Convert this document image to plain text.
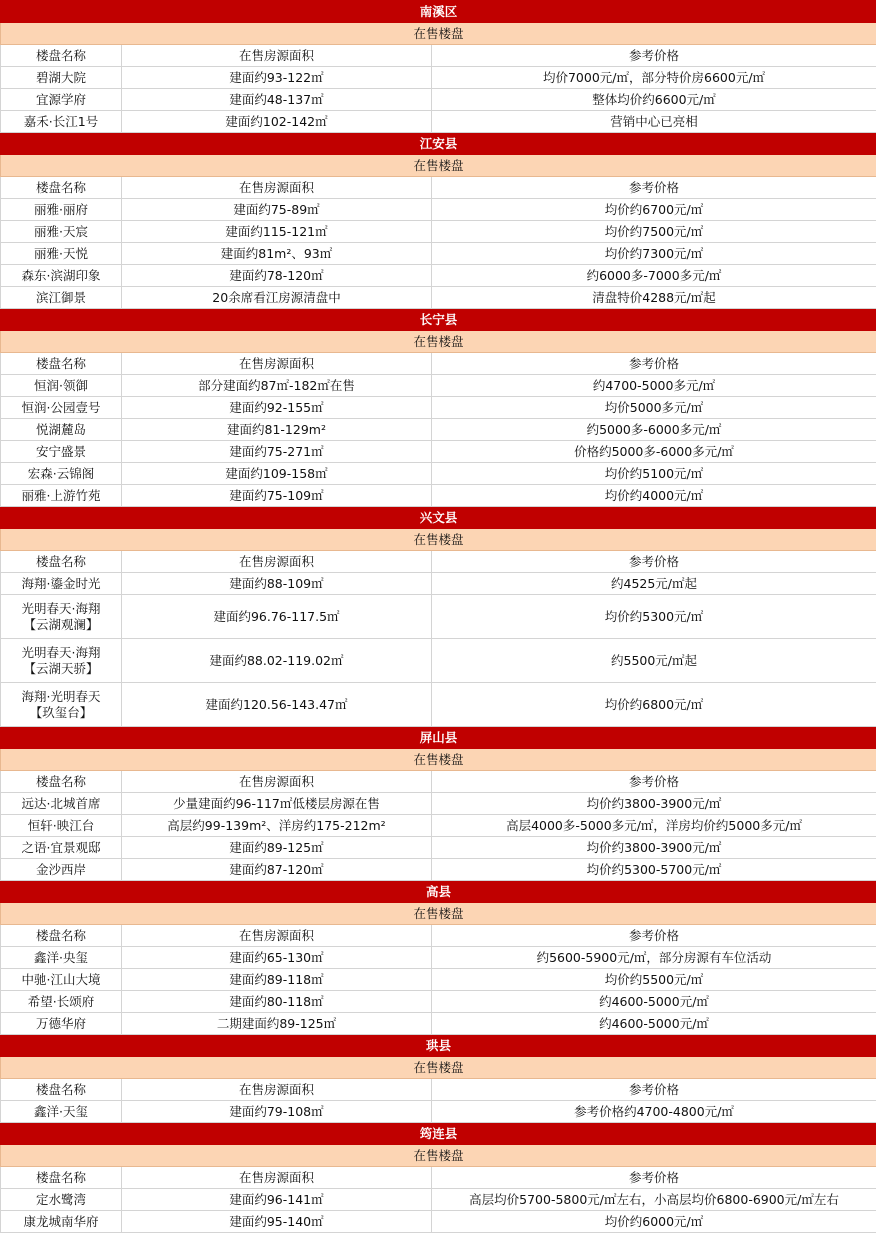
南溪区		
在售楼盘		
楼盘名称	在售房源面积	参考价格
碧湖大院	建面约93-122㎡	均价7000元/㎡，部分特价房6600元/㎡
宜源学府	建面约48-137㎡	整体均价约6600元/㎡
嘉禾·长江1号	建面约102-142㎡	营销中心已亮相
江安县		
在售楼盘		
楼盘名称	在售房源面积	参考价格
丽雅·丽府	建面约75-89㎡	均价约6700元/㎡
丽雅·天宸	建面约115-121㎡	均价约7500元/㎡
丽雅·天悦	建面约81m²、93㎡	均价约7300元/㎡
森东·滨湖印象	建面约78-120㎡	约6000多-7000多元/㎡
滨江御景	20余席看江房源清盘中	清盘特价4288元/㎡起
长宁县		
在售楼盘		
楼盘名称	在售房源面积	参考价格
恒润·领御	部分建面约87㎡-182㎡在售	约4700-5000多元/㎡
恒润·公园壹号	建面约92-155㎡	均价5000多元/㎡
悦湖麓岛	建面约81-129m²	约5000多-6000多元/㎡
安宁盛景	建面约75-271㎡	价格约5000多-6000多元/㎡
宏森·云锦阁	建面约109-158㎡	均价约5100元/㎡
丽雅·上游竹苑	建面约75-109㎡	均价约4000元/㎡
兴文县		
在售楼盘		
楼盘名称	在售房源面积	参考价格
海翔·鎏金时光	建面约88-109㎡	约4525元/㎡起
光明春天·海翔
【云湖观澜】	建面约96.76-117.5㎡	均价约5300元/㎡
光明春天·海翔
【云湖天骄】	建面约88.02-119.02㎡	约5500元/㎡起
海翔·光明春天
【玖玺台】	建面约120.56-143.47㎡	均价约6800元/㎡
屏山县		
在售楼盘		
楼盘名称	在售房源面积	参考价格
远达·北城首席	少量建面约96-117㎡低楼层房源在售	均价约3800-3900元/㎡
恒轩·映江台	高层约99-139m²、洋房约175-212m²	高层4000多-5000多元/㎡，洋房均价约5000多元/㎡
之语·宜景观邸	建面约89-125㎡	均价约3800-3900元/㎡
金沙西岸	建面约87-120㎡	均价约5300-5700元/㎡
高县		
在售楼盘		
楼盘名称	在售房源面积	参考价格
鑫洋·央玺	建面约65-130㎡	约5600-5900元/㎡，部分房源有车位活动
中驰·江山大境	建面约89-118㎡	均价约5500元/㎡
希望·长颂府	建面约80-118㎡	约4600-5000元/㎡
万德华府	二期建面约89-125㎡	约4600-5000元/㎡
珙县		
在售楼盘		
楼盘名称	在售房源面积	参考价格
鑫洋·天玺	建面约79-108㎡	参考价格约4700-4800元/㎡
筠连县		
在售楼盘		
楼盘名称	在售房源面积	参考价格
定水鹭湾	建面约96-141㎡	高层均价5700-5800元/㎡左右，小高层均价6800-6900元/㎡左右
康龙城南华府	建面约95-140㎡	均价约6000元/㎡
